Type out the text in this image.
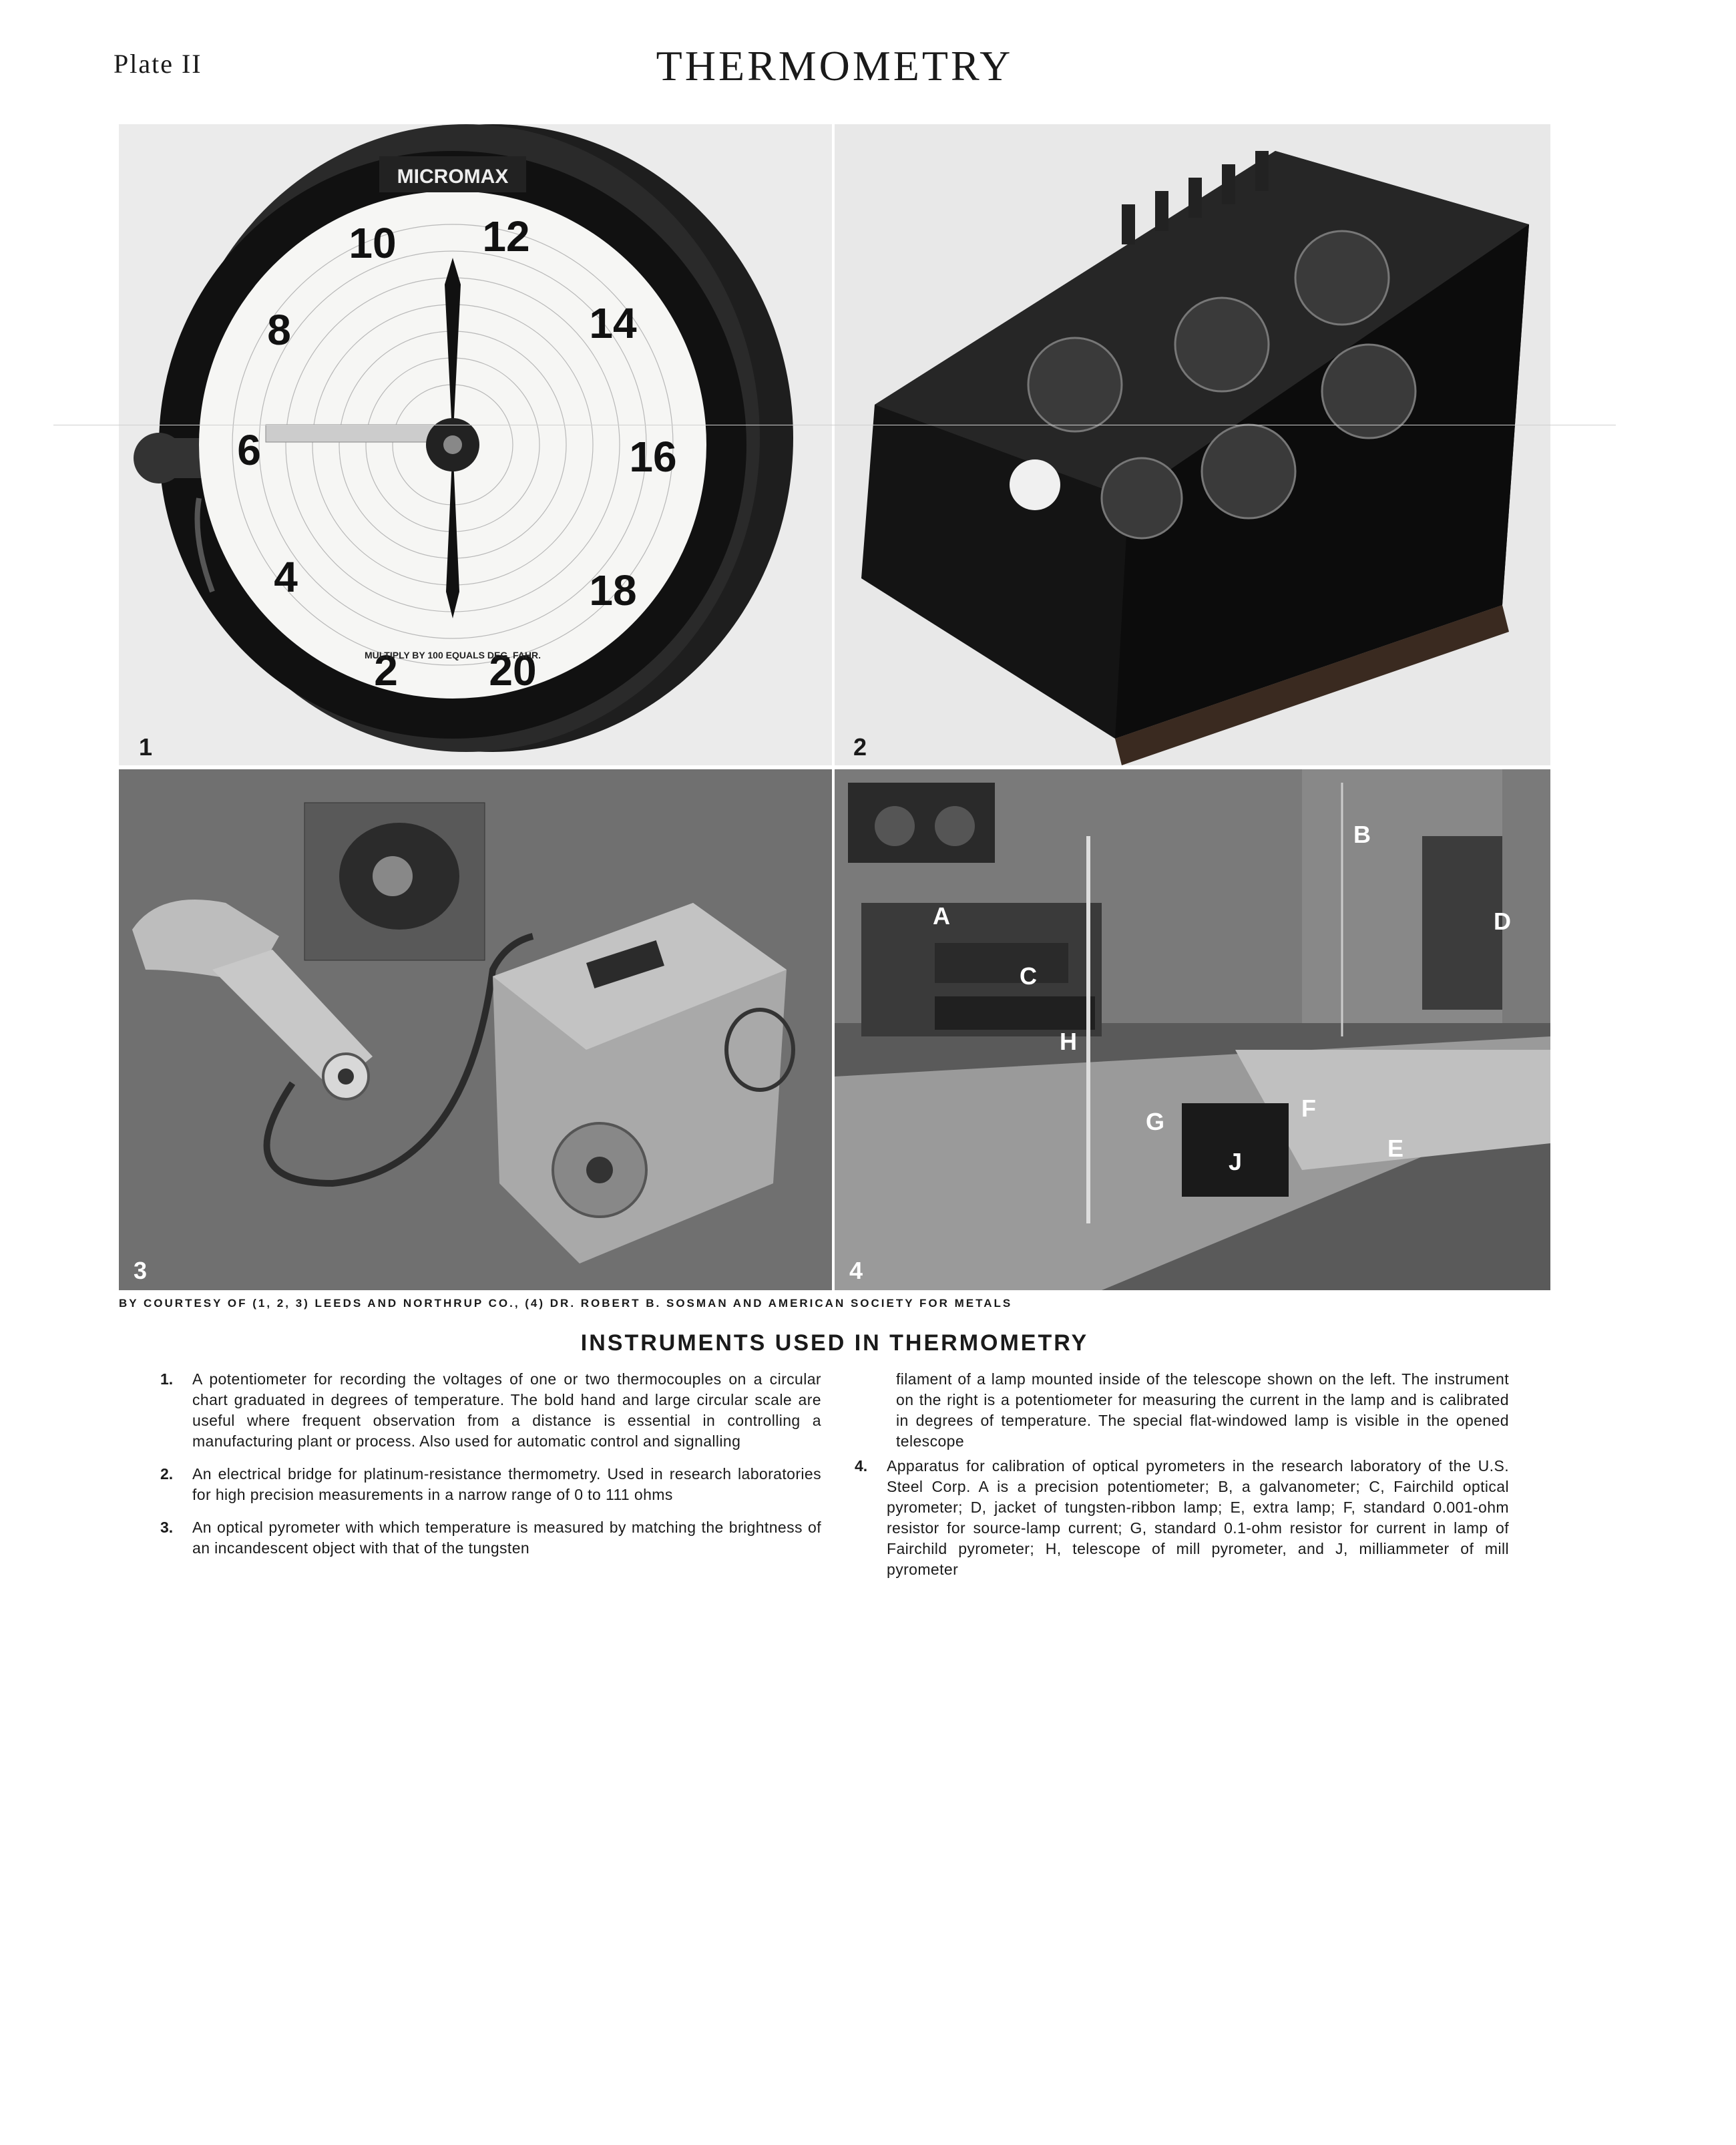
Plate II	THERMOMETRY
10 12
14
16
18
20
2
4
6
8
MICROMAX
MULTIPLY BY 100 EQUALS DEG. FAHR.
1	2
3
A
B
C
D
E
F
G
H
J
4
BY COURTESY OF (1, 2, 3) LEEDS AND NORTHRUP CO., (4) DR. ROBERT B. SOSMAN AND AMERICAN SOCIETY FOR METALS
INSTRUMENTS USED IN THERMOMETRY
1.	A potentiometer for recording the voltages of one or two thermocouples on a circular chart graduated in degrees of temperature. The bold hand and large circular scale are useful where frequent observation from a distance is essential in controlling a manufacturing plant or process. Also used for automatic control and signalling
2.	An electrical bridge for platinum-resistance thermometry. Used in research laboratories for high precision measurements in a narrow range of 0 to 111 ohms
3.	An optical pyrometer with which temperature is measured by matching the brightness of an incandescent object with that of the tungsten
filament of a lamp mounted inside of the telescope shown on the left. The instrument on the right is a potentiometer for measuring the current in the lamp and is calibrated in degrees of temperature. The special flat-windowed lamp is visible in the opened telescope
4.	Apparatus for calibration of optical pyrometers in the research laboratory of the U.S. Steel Corp. A is a precision potentiometer; B, a galvanometer; C, Fairchild optical pyrometer; D, jacket of tungsten-ribbon lamp; E, extra lamp; F, standard 0.001-ohm resistor for source-lamp current; G, standard 0.1-ohm resistor for current in lamp of Fairchild pyrometer; H, telescope of mill pyrometer, and J, milliammeter of mill pyrometer
